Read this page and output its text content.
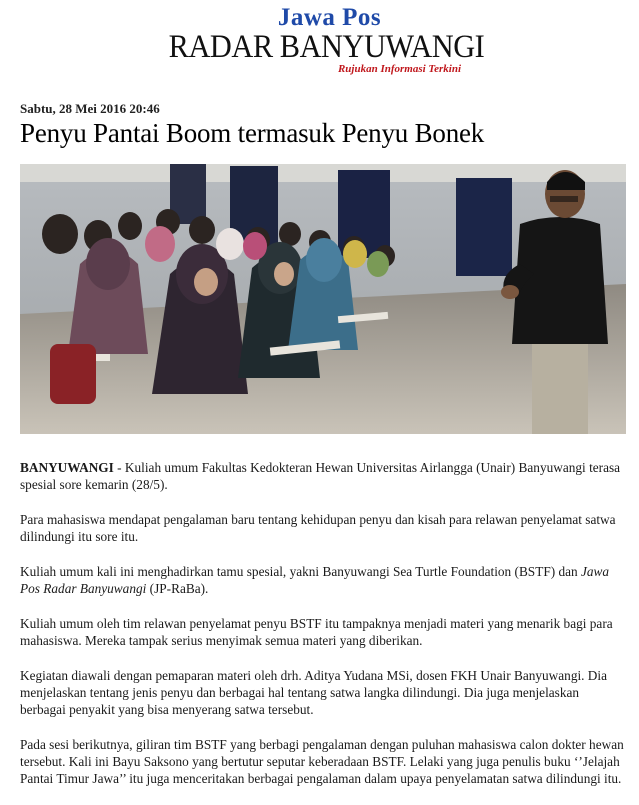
Jawa Pos
RADAR BANYUWANGI
Rujukan Informasi Terkini
Sabtu, 28 Mei 2016 20:46
Penyu Pantai Boom termasuk Penyu Bonek

BANYUWANGI - Kuliah umum Fakultas Kedokteran Hewan Universitas Airlangga (Unair) Banyuwangi terasa spesial sore kemarin (28/5).

Para mahasiswa mendapat pengalaman baru tentang kehidupan penyu dan kisah para relawan penyelamat satwa dilindungi itu sore itu.

Kuliah umum kali ini menghadirkan tamu spesial, yakni Banyuwangi Sea Turtle Foundation (BSTF) dan Jawa Pos Radar Banyuwangi (JP-RaBa).

Kuliah umum oleh tim relawan penyelamat penyu BSTF itu tampaknya menjadi materi yang menarik bagi para mahasiswa. Mereka tampak serius menyimak semua materi yang diberikan.

Kegiatan diawali dengan pemaparan materi oleh drh. Aditya Yudana MSi, dosen FKH Unair Banyuwangi. Dia menjelaskan tentang jenis penyu dan berbagai hal tentang satwa langka dilindungi. Dia juga menjelaskan berbagai penyakit yang bisa menyerang satwa tersebut.

Pada sesi berikutnya, giliran tim BSTF yang berbagi pengalaman dengan puluhan mahasiswa calon dokter hewan tersebut. Kali ini Bayu Saksono yang bertutur seputar keberadaan BSTF. Lelaki yang juga penulis buku ‘’Jelajah Pantai Timur Jawa’’ itu juga menceritakan berbagai pengalaman dalam upaya penyelamatan satwa dilindungi itu.
